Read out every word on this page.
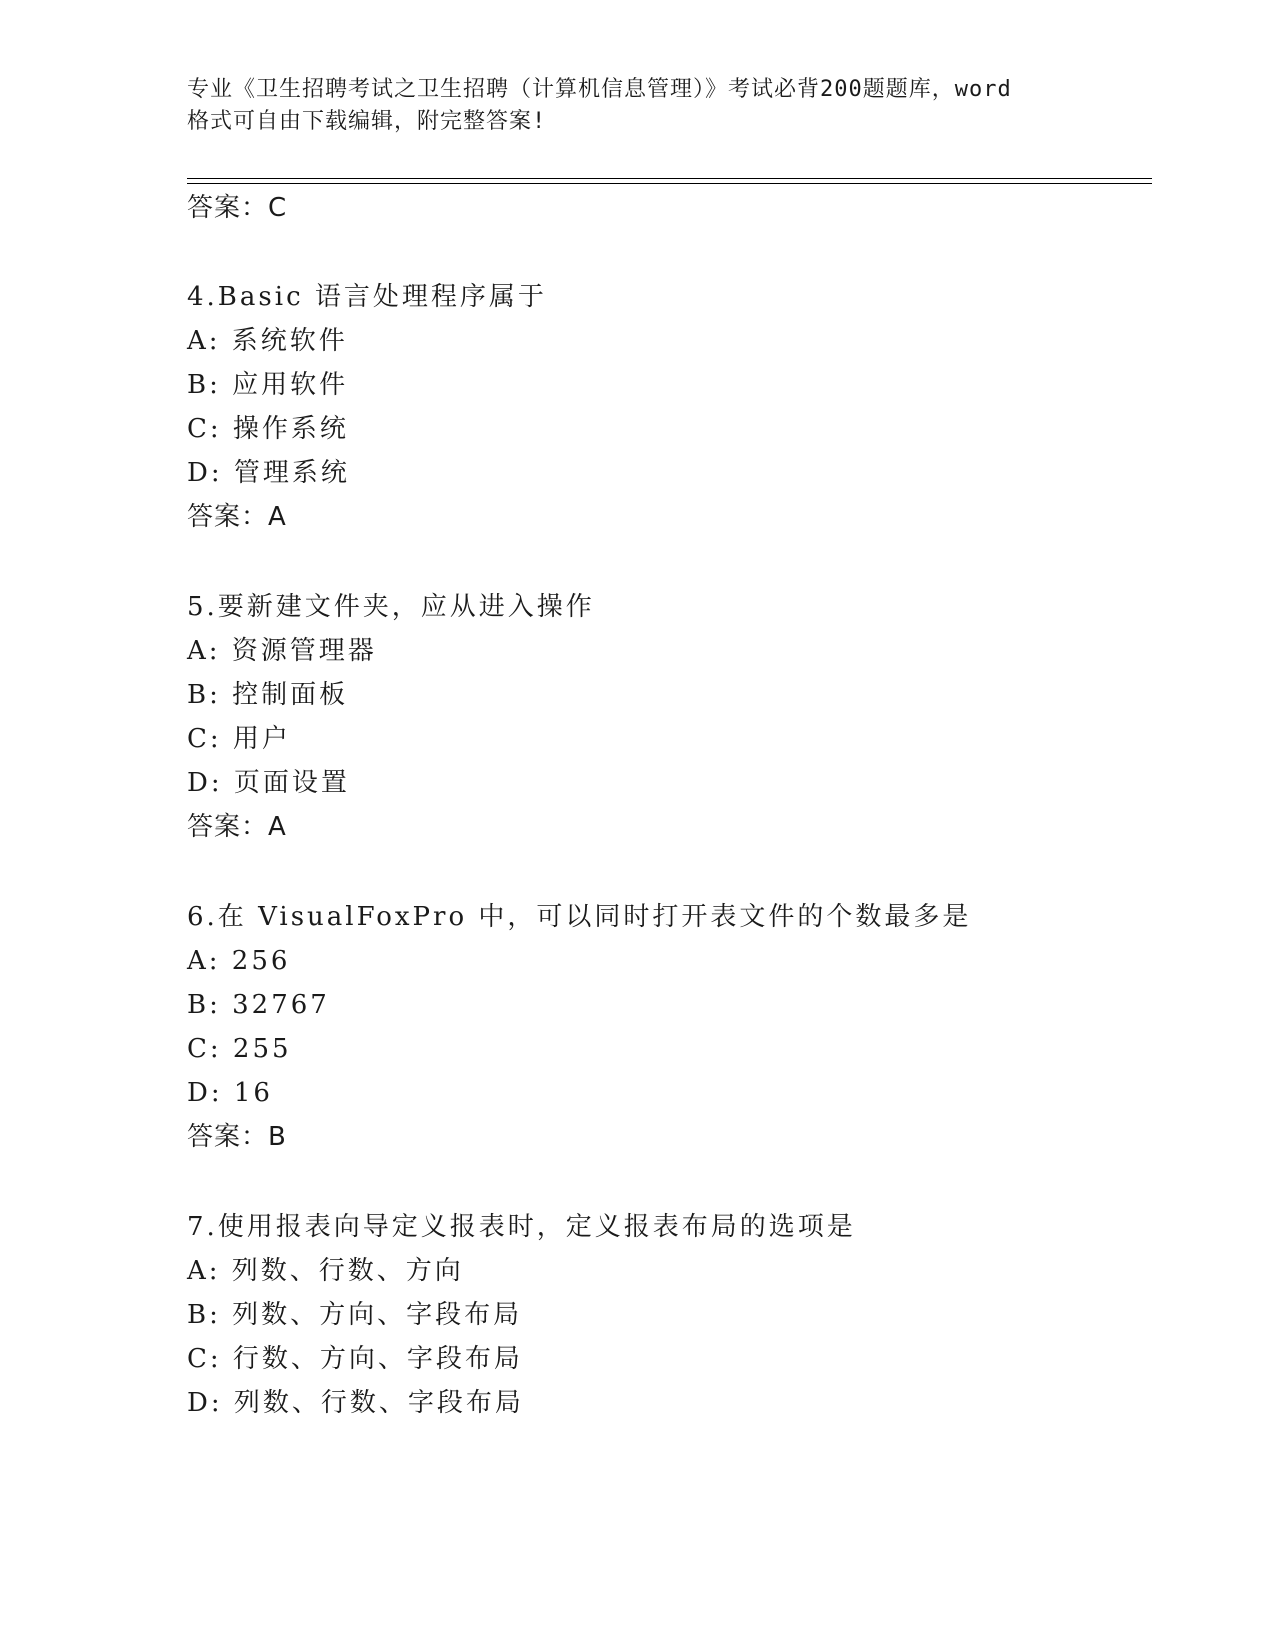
专业《卫生招聘考试之卫生招聘（计算机信息管理）》考试必背200题题库，word
格式可自由下载编辑，附完整答案!
答案：C
4.Basic 语言处理程序属于
A: 系统软件
B: 应用软件
C: 操作系统
D: 管理系统
答案：A
5.要新建文件夹，应从进入操作
A: 资源管理器
B: 控制面板
C: 用户
D: 页面设置
答案：A
6.在 VisualFoxPro 中，可以同时打开表文件的个数最多是
A: 256
B: 32767
C: 255
D: 16
答案：B
7.使用报表向导定义报表时，定义报表布局的选项是
A: 列数、行数、方向
B: 列数、方向、字段布局
C: 行数、方向、字段布局
D: 列数、行数、字段布局
